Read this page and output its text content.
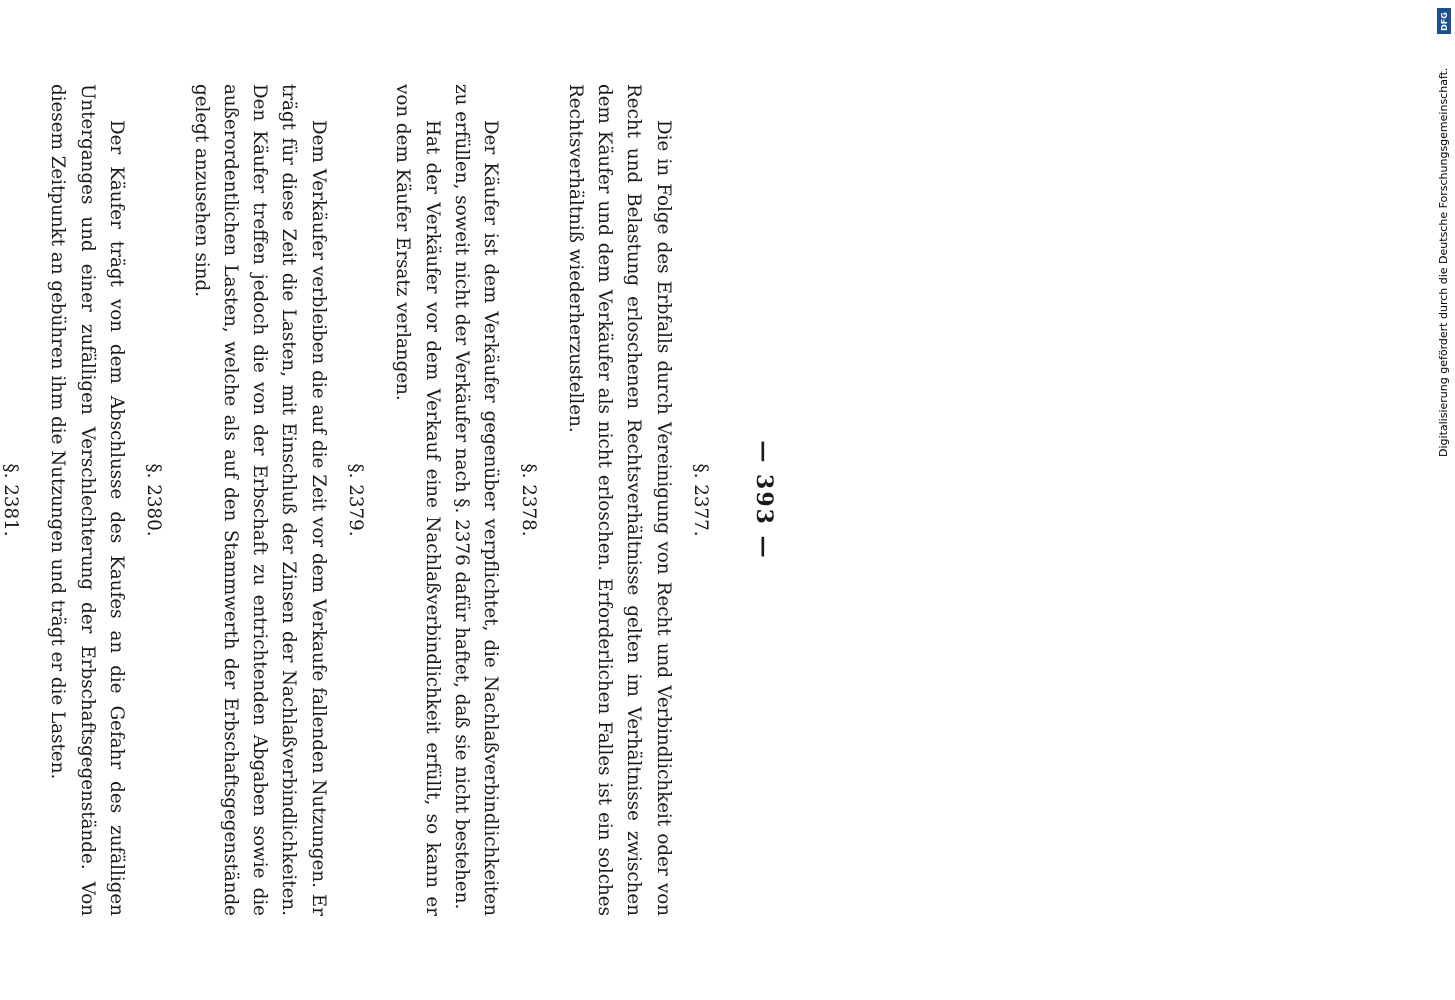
— 393 —
§. 2377.

Die in Folge des Erbfalls durch Vereinigung von Recht und Verbindlichkeit oder von Recht und Belastung erloschenen Rechtsverhältnisse gelten im Verhältnisse zwischen dem Käufer und dem Verkäufer als nicht erloschen. Erforderlichen Falles ist ein solches Rechtsverhältniß wiederherzustellen.

§. 2378.

Der Käufer ist dem Verkäufer gegenüber verpflichtet, die Nachlaßverbindlichkeiten zu erfüllen, soweit nicht der Verkäufer nach §. 2376 dafür haftet, daß sie nicht bestehen.

Hat der Verkäufer vor dem Verkauf eine Nachlaßverbindlichkeit erfüllt, so kann er von dem Käufer Ersatz verlangen.

§. 2379.

Dem Verkäufer verbleiben die auf die Zeit vor dem Verkaufe fallenden Nutzungen. Er trägt für diese Zeit die Lasten, mit Einschluß der Zinsen der Nachlaßverbindlichkeiten. Den Käufer treffen jedoch die von der Erbschaft zu entrichtenden Abgaben sowie die außerordentlichen Lasten, welche als auf den Stammwerth der Erbschaftsgegenstände gelegt anzusehen sind.

§. 2380.

Der Käufer trägt von dem Abschlusse des Kaufes an die Gefahr des zufälligen Unterganges und einer zufälligen Verschlechterung der Erbschaftsgegenstände. Von diesem Zeitpunkt an gebühren ihm die Nutzungen und trägt er die Lasten.

§. 2381.

DFG
Digitalisierung gefördert durch die Deutsche Forschungsgemeinschaft.
